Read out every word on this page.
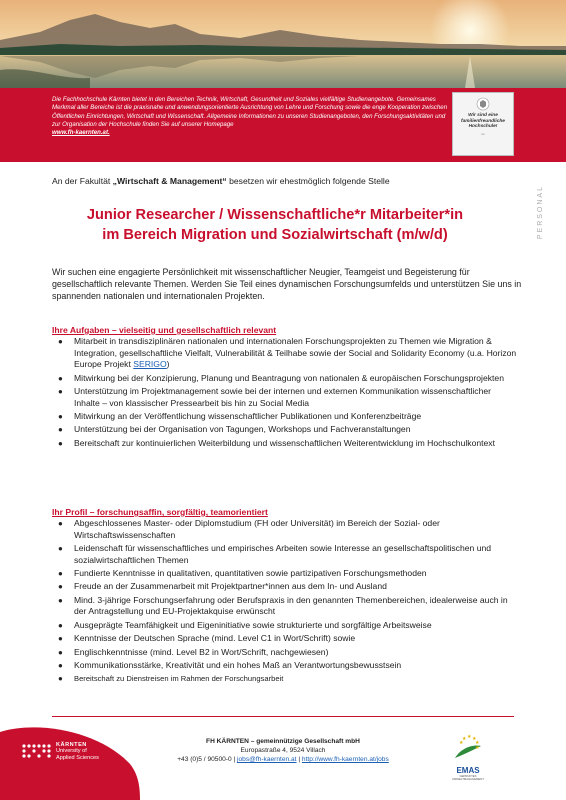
Die Fachhochschule Kärnten bietet in den Bereichen Technik, Wirtschaft, Gesundheit und Soziales vielfältige Studienangebote. Gemeinsames Merkmal aller Bereiche ist die praxisnahe und anwendungsorientierte Ausrichtung von Lehre und Forschung sowie die enge Kooperation zwischen Öffentlichen Einrichtungen, Wirtschaft und Wissenschaft. Allgemeine Informationen zu unseren Studienangeboten, den Forschungsaktivitäten und zur Organisation der Hochschule finden Sie auf unserer Homepage
www.fh-kaernten.at.
Wir sind eine familienfreundliche Hochschule!
▭
PERSONAL
An der Fakultät „Wirtschaft & Management“ besetzen wir ehestmöglich folgende Stelle
Junior Researcher / Wissenschaftliche*r Mitarbeiter*in
im Bereich Migration und Sozialwirtschaft (m/w/d)
Wir suchen eine engagierte Persönlichkeit mit wissenschaftlicher Neugier, Teamgeist und Begeisterung für gesellschaftlich relevante Themen. Werden Sie Teil eines dynamischen Forschungsumfelds und unterstützen Sie uns in spannenden nationalen und internationalen Projekten.
Ihre Aufgaben – vielseitig und gesellschaftlich relevant
● Mitarbeit in transdisziplinären nationalen und internationalen Forschungsprojekten zu Themen wie Migration & Integration, gesellschaftliche Vielfalt, Vulnerabilität & Teilhabe sowie der Social and Solidarity Economy (u.a. Horizon Europe Projekt SERIGO)
● Mitwirkung bei der Konzipierung, Planung und Beantragung von nationalen & europäischen Forschungsprojekten
● Unterstützung im Projektmanagement sowie bei der internen und externen Kommunikation wissenschaftlicher Inhalte – von klassischer Pressearbeit bis hin zu Social Media
● Mitwirkung an der Veröffentlichung wissenschaftlicher Publikationen und Konferenzbeiträge
● Unterstützung bei der Organisation von Tagungen, Workshops und Fachveranstaltungen
● Bereitschaft zur kontinuierlichen Weiterbildung und wissenschaftlichen Weiterentwicklung im Hochschulkontext
Ihr Profil – forschungsaffin, sorgfältig, teamorientiert
● Abgeschlossenes Master- oder Diplomstudium (FH oder Universität) im Bereich der Sozial- oder Wirtschaftswissenschaften
● Leidenschaft für wissenschaftliches und empirisches Arbeiten sowie Interesse an gesellschaftspolitischen und sozialwirtschaftlichen Themen
● Fundierte Kenntnisse in qualitativen, quantitativen sowie partizipativen Forschungsmethoden
● Freude an der Zusammenarbeit mit Projektpartner*innen aus dem In- und Ausland
● Mind. 3-jährige Forschungserfahrung oder Berufspraxis in den genannten Themenbereichen, idealerweise auch in der Antragstellung und EU-Projektakquise erwünscht
● Ausgeprägte Teamfähigkeit und Eigeninitiative sowie strukturierte und sorgfältige Arbeitsweise
● Kenntnisse der Deutschen Sprache (mind. Level C1 in Wort/Schrift) sowie
● Englischkenntnisse (mind. Level B2 in Wort/Schrift, nachgewiesen)
● Kommunikationsstärke, Kreativität und ein hohes Maß an Verantwortungsbewusstsein
● Bereitschaft zu Dienstreisen im Rahmen der Forschungsarbeit
KÄRNTEN
University of
Applied Sciences
FH KÄRNTEN – gemeinnützige Gesellschaft mbH
Europastraße 4, 9524 Villach
+43 (0)5 / 90500-0 | jobs@fh-kaernten.at | http://www.fh-kaernten.at/jobs
★ ★
★
★
★
★
EMAS
GEPRÜFTES UMWELTMANAGEMENT
